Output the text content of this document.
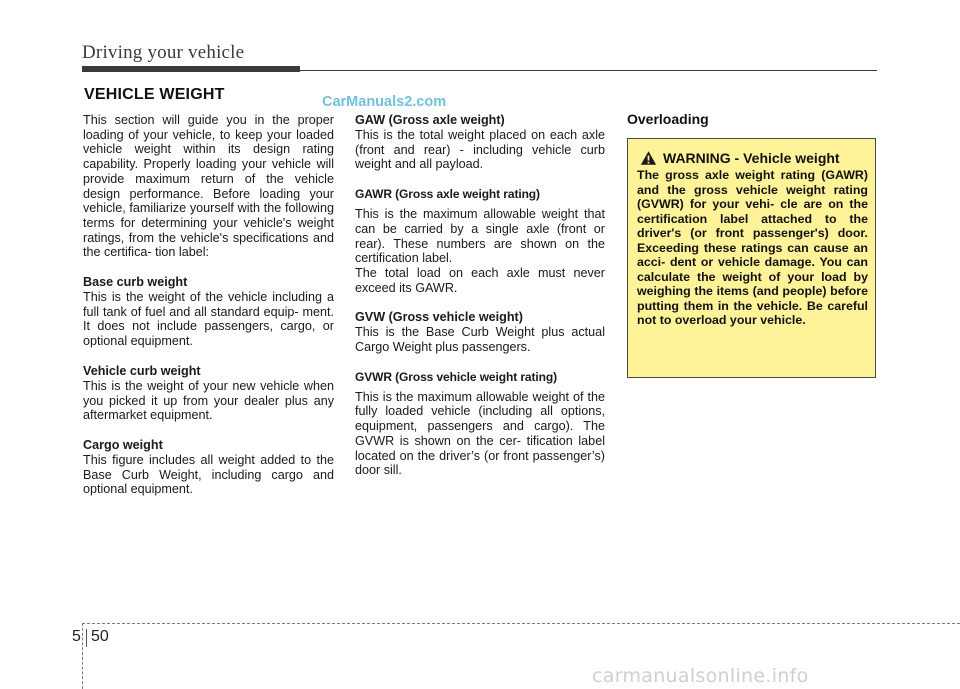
Driving your vehicle
VEHICLE WEIGHT	CarManuals2.com

This section will guide you in the proper loading of your vehicle, to keep your loaded vehicle weight within its design rating capability. Properly loading your vehicle will provide maximum return of the vehicle design performance. Before loading your vehicle, familiarize yourself with the following terms for determining your vehicle's weight ratings, from the vehicle's specifications and the certifica- tion label:

Base curb weight

This is the weight of the vehicle including a full tank of fuel and all standard equip- ment. It does not include passengers, cargo, or optional equipment.

Vehicle curb weight

This is the weight of your new vehicle when you picked it up from your dealer plus any aftermarket equipment.

Cargo weight

This figure includes all weight added to the Base Curb Weight, including cargo and optional equipment.

GAW (Gross axle weight)

This is the total weight placed on each axle (front and rear) - including vehicle curb weight and all payload.

GAWR (Gross axle weight rating)

This is the maximum allowable weight that can be carried by a single axle (front or rear). These numbers are shown on the certification label.

The total load on each axle must never exceed its GAWR.

GVW (Gross vehicle weight)

This is the Base Curb Weight plus actual Cargo Weight plus passengers.

GVWR (Gross vehicle weight rating)

This is the maximum allowable weight of the fully loaded vehicle (including all options, equipment, passengers and cargo). The GVWR is shown on the cer- tification label located on the driver’s (or front passenger’s) door sill.

Overloading
WARNING - Vehicle weight

The gross axle weight rating (GAWR) and the gross vehicle weight rating (GVWR) for your vehi- cle are on the certification label attached to the driver's (or front passenger's) door. Exceeding these ratings can cause an acci- dent or vehicle damage. You can calculate the weight of your load by weighing the items (and people) before putting them in the vehicle. Be careful not to overload your vehicle.

5 50
carmanualsonline.info
